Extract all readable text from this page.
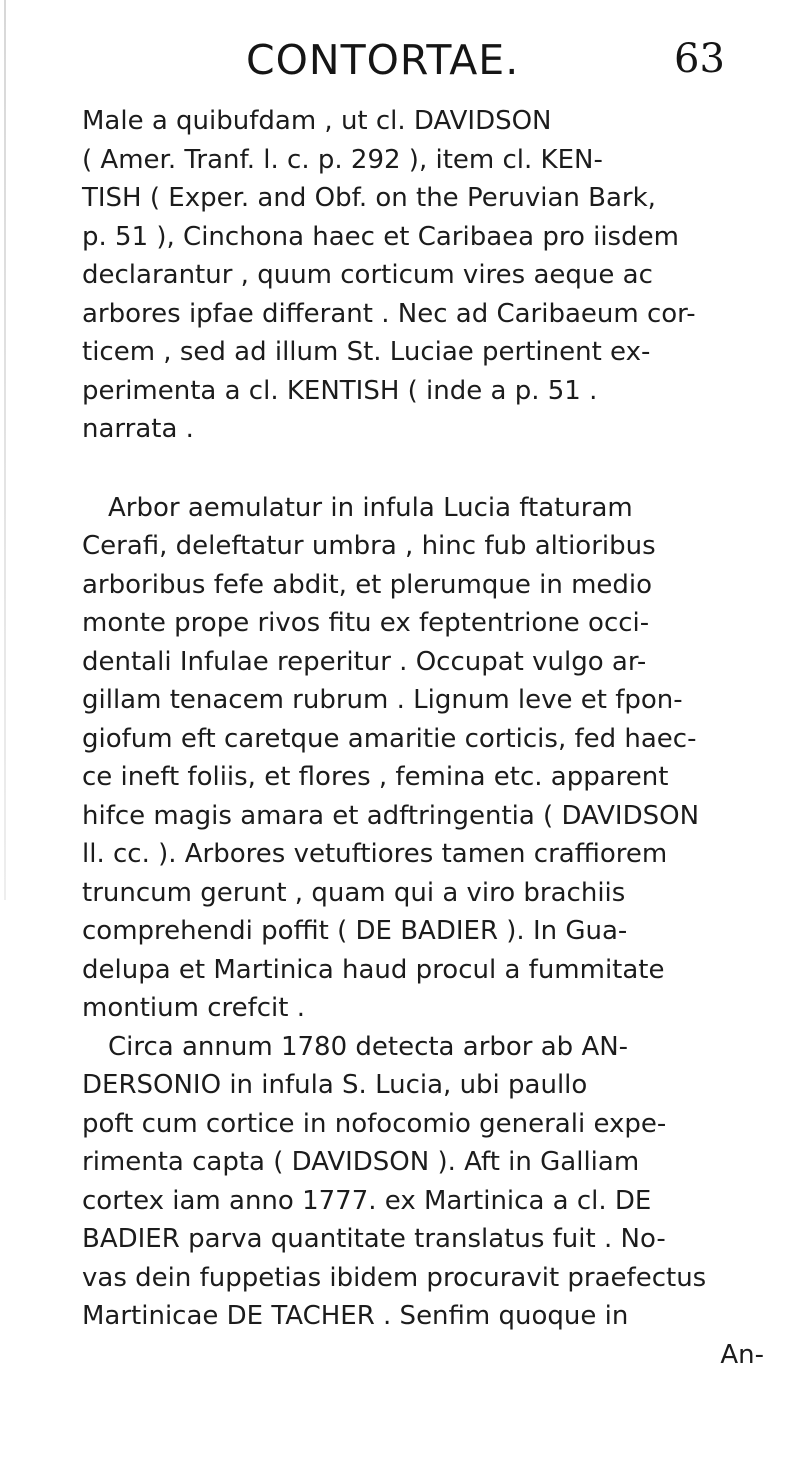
CONTORTAE.	63
Male a quibufdam , ut cl. DAVIDSON
( Amer. Tranf. l. c. p. 292 ), item cl. KEN-
TISH ( Exper. and Obf. on the Peruvian Bark,
p. 51 ), Cinchona haec et Caribaea pro iisdem
declarantur , quum corticum vires aeque ac
arbores ipfae differant . Nec ad Caribaeum cor-
ticem , sed ad illum St. Luciae pertinent ex-
perimenta a cl. KENTISH ( inde a p. 51 .
narrata .
Arbor aemulatur in infula Lucia ftaturam
Cerafi, deleftatur umbra , hinc fub altioribus
arboribus fefe abdit, et plerumque in medio
monte prope rivos fitu ex feptentrione occi-
dentali Infulae reperitur . Occupat vulgo ar-
gillam tenacem rubrum . Lignum leve et fpon-
giofum eft caretque amaritie corticis, fed haec-
ce ineft foliis, et flores , femina etc. apparent
hifce magis amara et adftringentia ( DAVIDSON
ll. cc. ). Arbores vetuftiores tamen craffiorem
truncum gerunt , quam qui a viro brachiis
comprehendi poffit ( DE BADIER ). In Gua-
delupa et Martinica haud procul a fummitate
montium crefcit .
Circa annum 1780 detecta arbor ab AN-
DERSONIO in infula S. Lucia, ubi paullo
poft cum cortice in nofocomio generali expe-
rimenta capta ( DAVIDSON ). Aft in Galliam
cortex iam anno 1777. ex Martinica a cl. DE
BADIER parva quantitate translatus fuit . No-
vas dein fuppetias ibidem procuravit praefectus
Martinicae DE TACHER . Senfim quoque in
An-
